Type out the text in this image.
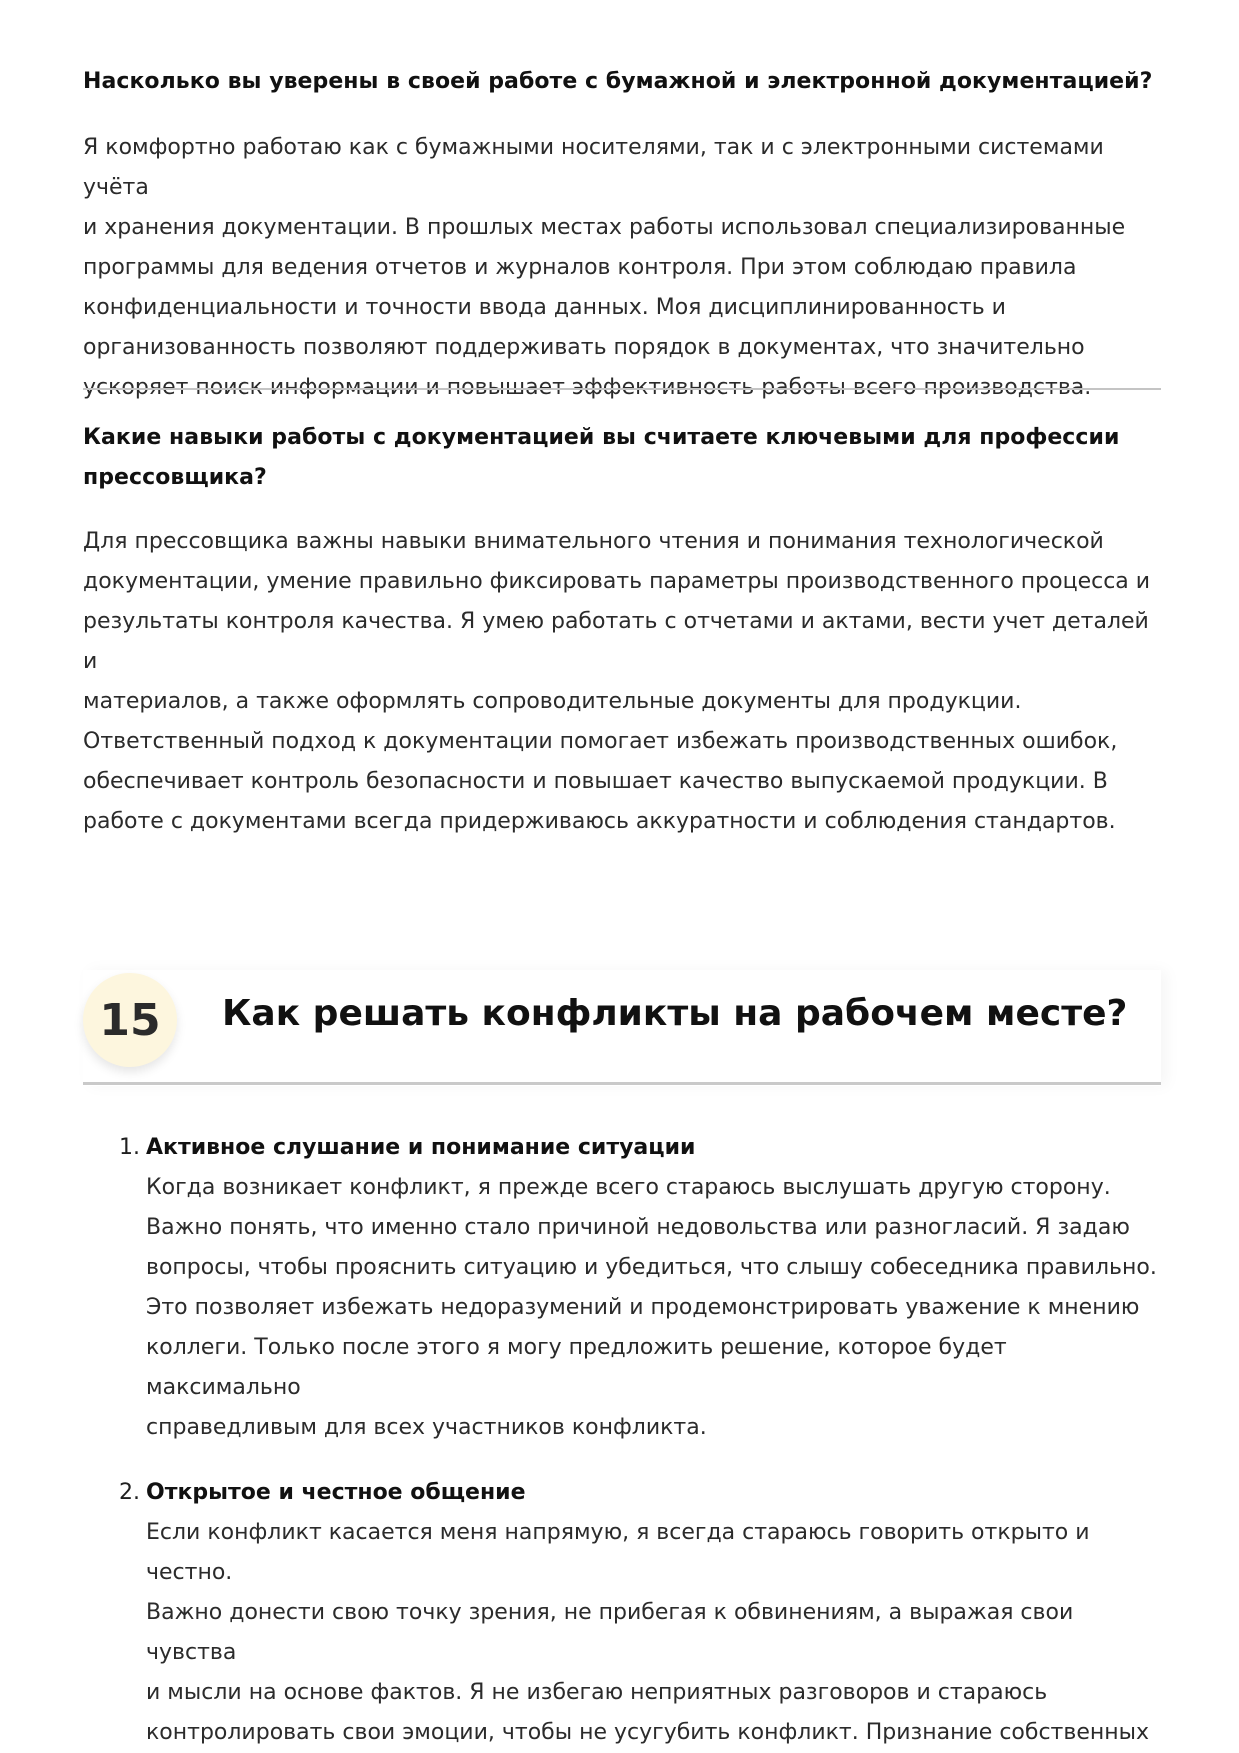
Насколько вы уверены в своей работе с бумажной и электронной документацией?

Я комфортно работаю как с бумажными носителями, так и с электронными системами учёта

и хранения документации. В прошлых местах работы использовал специализированные

программы для ведения отчетов и журналов контроля. При этом соблюдаю правила

конфиденциальности и точности ввода данных. Моя дисциплинированность и

организованность позволяют поддерживать порядок в документах, что значительно

ускоряет поиск информации и повышает эффективность работы всего производства.

Какие навыки работы с документацией вы считаете ключевыми для профессии

прессовщика?

Для прессовщика важны навыки внимательного чтения и понимания технологической

документации, умение правильно фиксировать параметры производственного процесса и

результаты контроля качества. Я умею работать с отчетами и актами, вести учет деталей и

материалов, а также оформлять сопроводительные документы для продукции.

Ответственный подход к документации помогает избежать производственных ошибок,

обеспечивает контроль безопасности и повышает качество выпускаемой продукции. В

работе с документами всегда придерживаюсь аккуратности и соблюдения стандартов.

15	Как решать конфликты на рабочем месте?
1. Активное слушание и понимание ситуации

Когда возникает конфликт, я прежде всего стараюсь выслушать другую сторону.

Важно понять, что именно стало причиной недовольства или разногласий. Я задаю

вопросы, чтобы прояснить ситуацию и убедиться, что слышу собеседника правильно.

Это позволяет избежать недоразумений и продемонстрировать уважение к мнению

коллеги. Только после этого я могу предложить решение, которое будет максимально

справедливым для всех участников конфликта.

2. Открытое и честное общение

Если конфликт касается меня напрямую, я всегда стараюсь говорить открыто и честно.

Важно донести свою точку зрения, не прибегая к обвинениям, а выражая свои чувства

и мысли на основе фактов. Я не избегаю неприятных разговоров и стараюсь

контролировать свои эмоции, чтобы не усугубить конфликт. Признание собственных
